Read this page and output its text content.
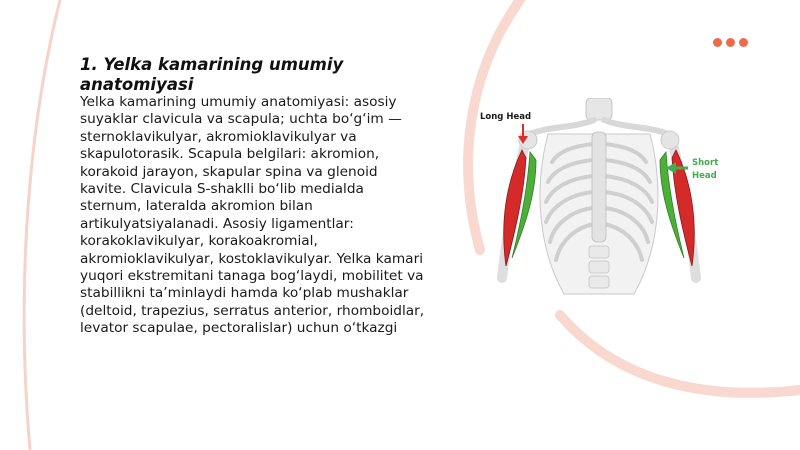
1. Yelka kamarining umumiy anatomiyasi
Yelka kamarining umumiy anatomiyasi: asosiy suyaklar clavicula va scapula; uchta bo‘g‘im — sternoklavikulyar, akromioklavikulyar va skapulotorasik. Scapula belgilari: akromion, korakoid jarayon, skapular spina va glenoid kavite. Clavicula S-shaklli bo‘lib medialda sternum, lateralda akromion bilan artikulyatsiyalanadi. Asosiy ligamentlar: korakoklavikulyar, korakoakromial, akromioklavikulyar, kostoklavikulyar. Yelka kamari yuqori ekstremitani tanaga bog‘laydi, mobilitet va stabillikni ta’minlaydi hamda ko‘plab mushaklar (deltoid, trapezius, serratus anterior, rhomboidlar, levator scapulae, pectoralislar) uchun o‘tkazgi
Long Head
Short
Head
